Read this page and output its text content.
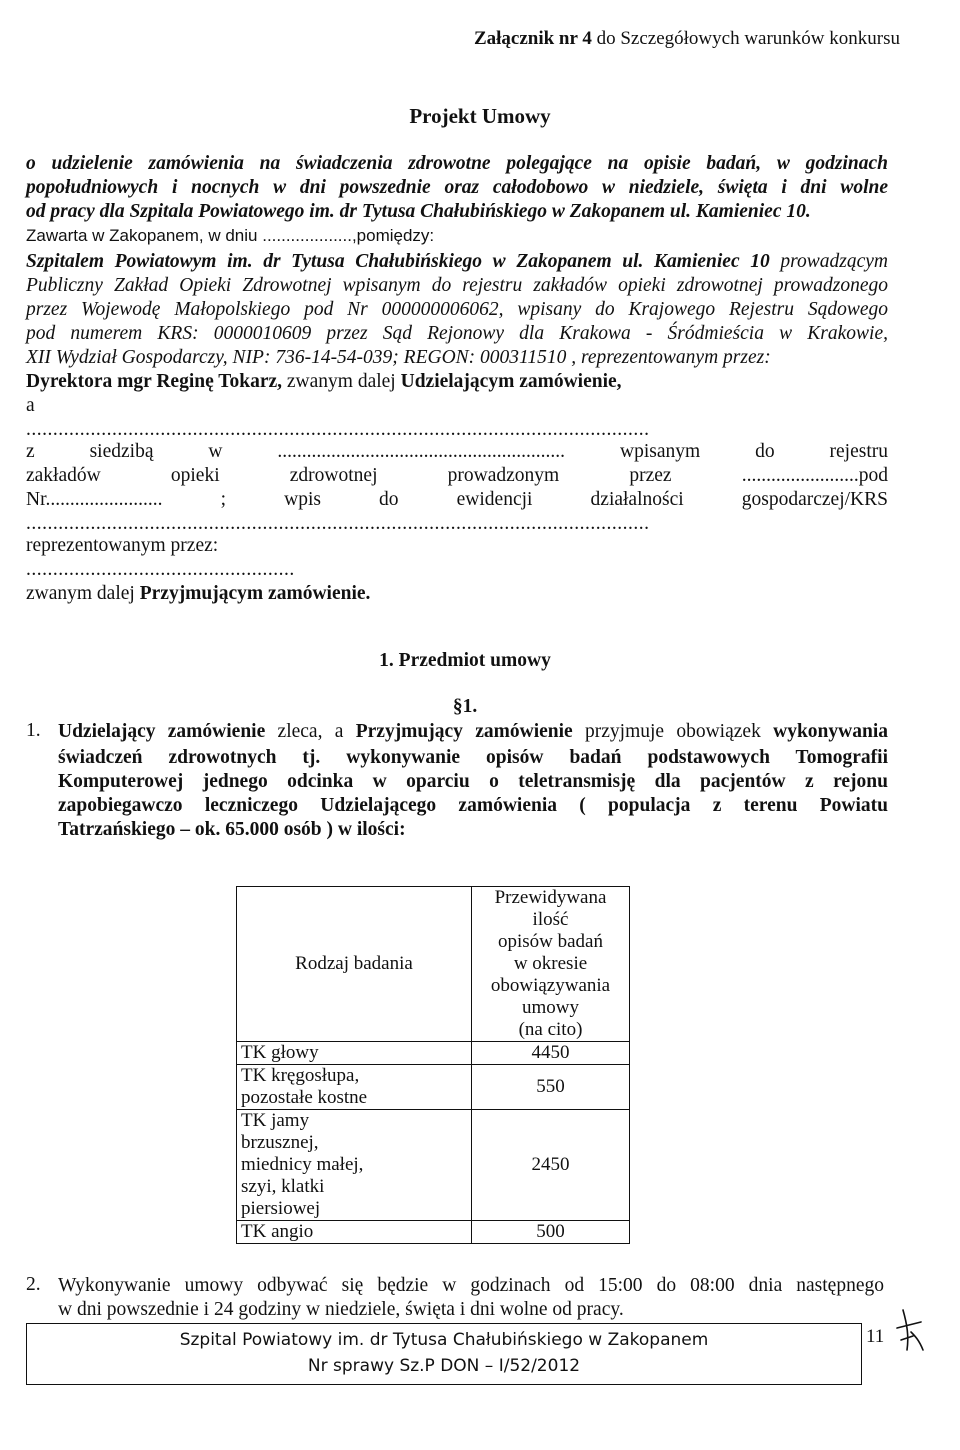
Załącznik nr 4 do Szczegółowych warunków konkursu
Projekt Umowy
o udzielenie zamówienia na świadczenia zdrowotne polegające na opisie badań, w godzinach
popołudniowych i nocnych w dni powszednie oraz całodobowo w niedziele, święta i dni wolne
od pracy dla Szpitala Powiatowego im. dr Tytusa Chałubińskiego w Zakopanem ul. Kamieniec 10.
Zawarta w Zakopanem, w dniu ...................,pomiędzy:
Szpitalem Powiatowym im. dr Tytusa Chałubińskiego w Zakopanem ul. Kamieniec 10 prowadzącym
Publiczny Zakład Opieki Zdrowotnej wpisanym do rejestru zakładów opieki zdrowotnej prowadzonego
przez Wojewodę Małopolskiego pod Nr 000000006062, wpisany do Krajowego Rejestru Sądowego
pod numerem KRS: 0000010609 przez Sąd Rejonowy dla Krakowa - Śródmieścia w Krakowie,
XII Wydział Gospodarczy, NIP: 736-14-54-039; REGON: 000311510 , reprezentowanym przez:
Dyrektora mgr Reginę Tokarz, zwanym dalej Udzielającym zamówienie,
a
....................................................................................................................
z siedzibą w ........................................................... wpisanym do rejestru
zakładów opieki zdrowotnej prowadzonym przez ........................pod
Nr........................ ; wpis do ewidencji działalności gospodarczej/KRS
....................................................................................................................
reprezentowanym przez:
..................................................
zwanym dalej Przyjmującym zamówienie.
1. Przedmiot umowy
§1.
1. Udzielający zamówienie zleca, a Przyjmujący zamówienie przyjmuje obowiązek wykonywania
świadczeń zdrowotnych tj. wykonywanie opisów badań podstawowych Tomografii
Komputerowej jednego odcinka w oparciu o teletransmisję dla pacjentów z rejonu
zapobiegawczo leczniczego Udzielającego zamówienia ( populacja z terenu Powiatu
Tatrzańskiego – ok. 65.000 osób ) w ilości:
Rodzaj badania	Przewidywana ilość
opisów badań
w okresie
obowiązywania umowy
(na cito)

TK głowy	4450

TK kręgosłupa,
pozostałe kostne	550

TK jamy
brzusznej,
miednicy małej,
szyi, klatki
piersiowej	2450

TK angio	500
2. Wykonywanie umowy odbywać się będzie w godzinach od 15:00 do 08:00 dnia następnego
w dni powszednie i 24 godziny w niedziele, święta i dni wolne od pracy.
Szpital Powiatowy im. dr Tytusa Chałubińskiego w Zakopanem
Nr sprawy Sz.P DON – I/52/2012
11
